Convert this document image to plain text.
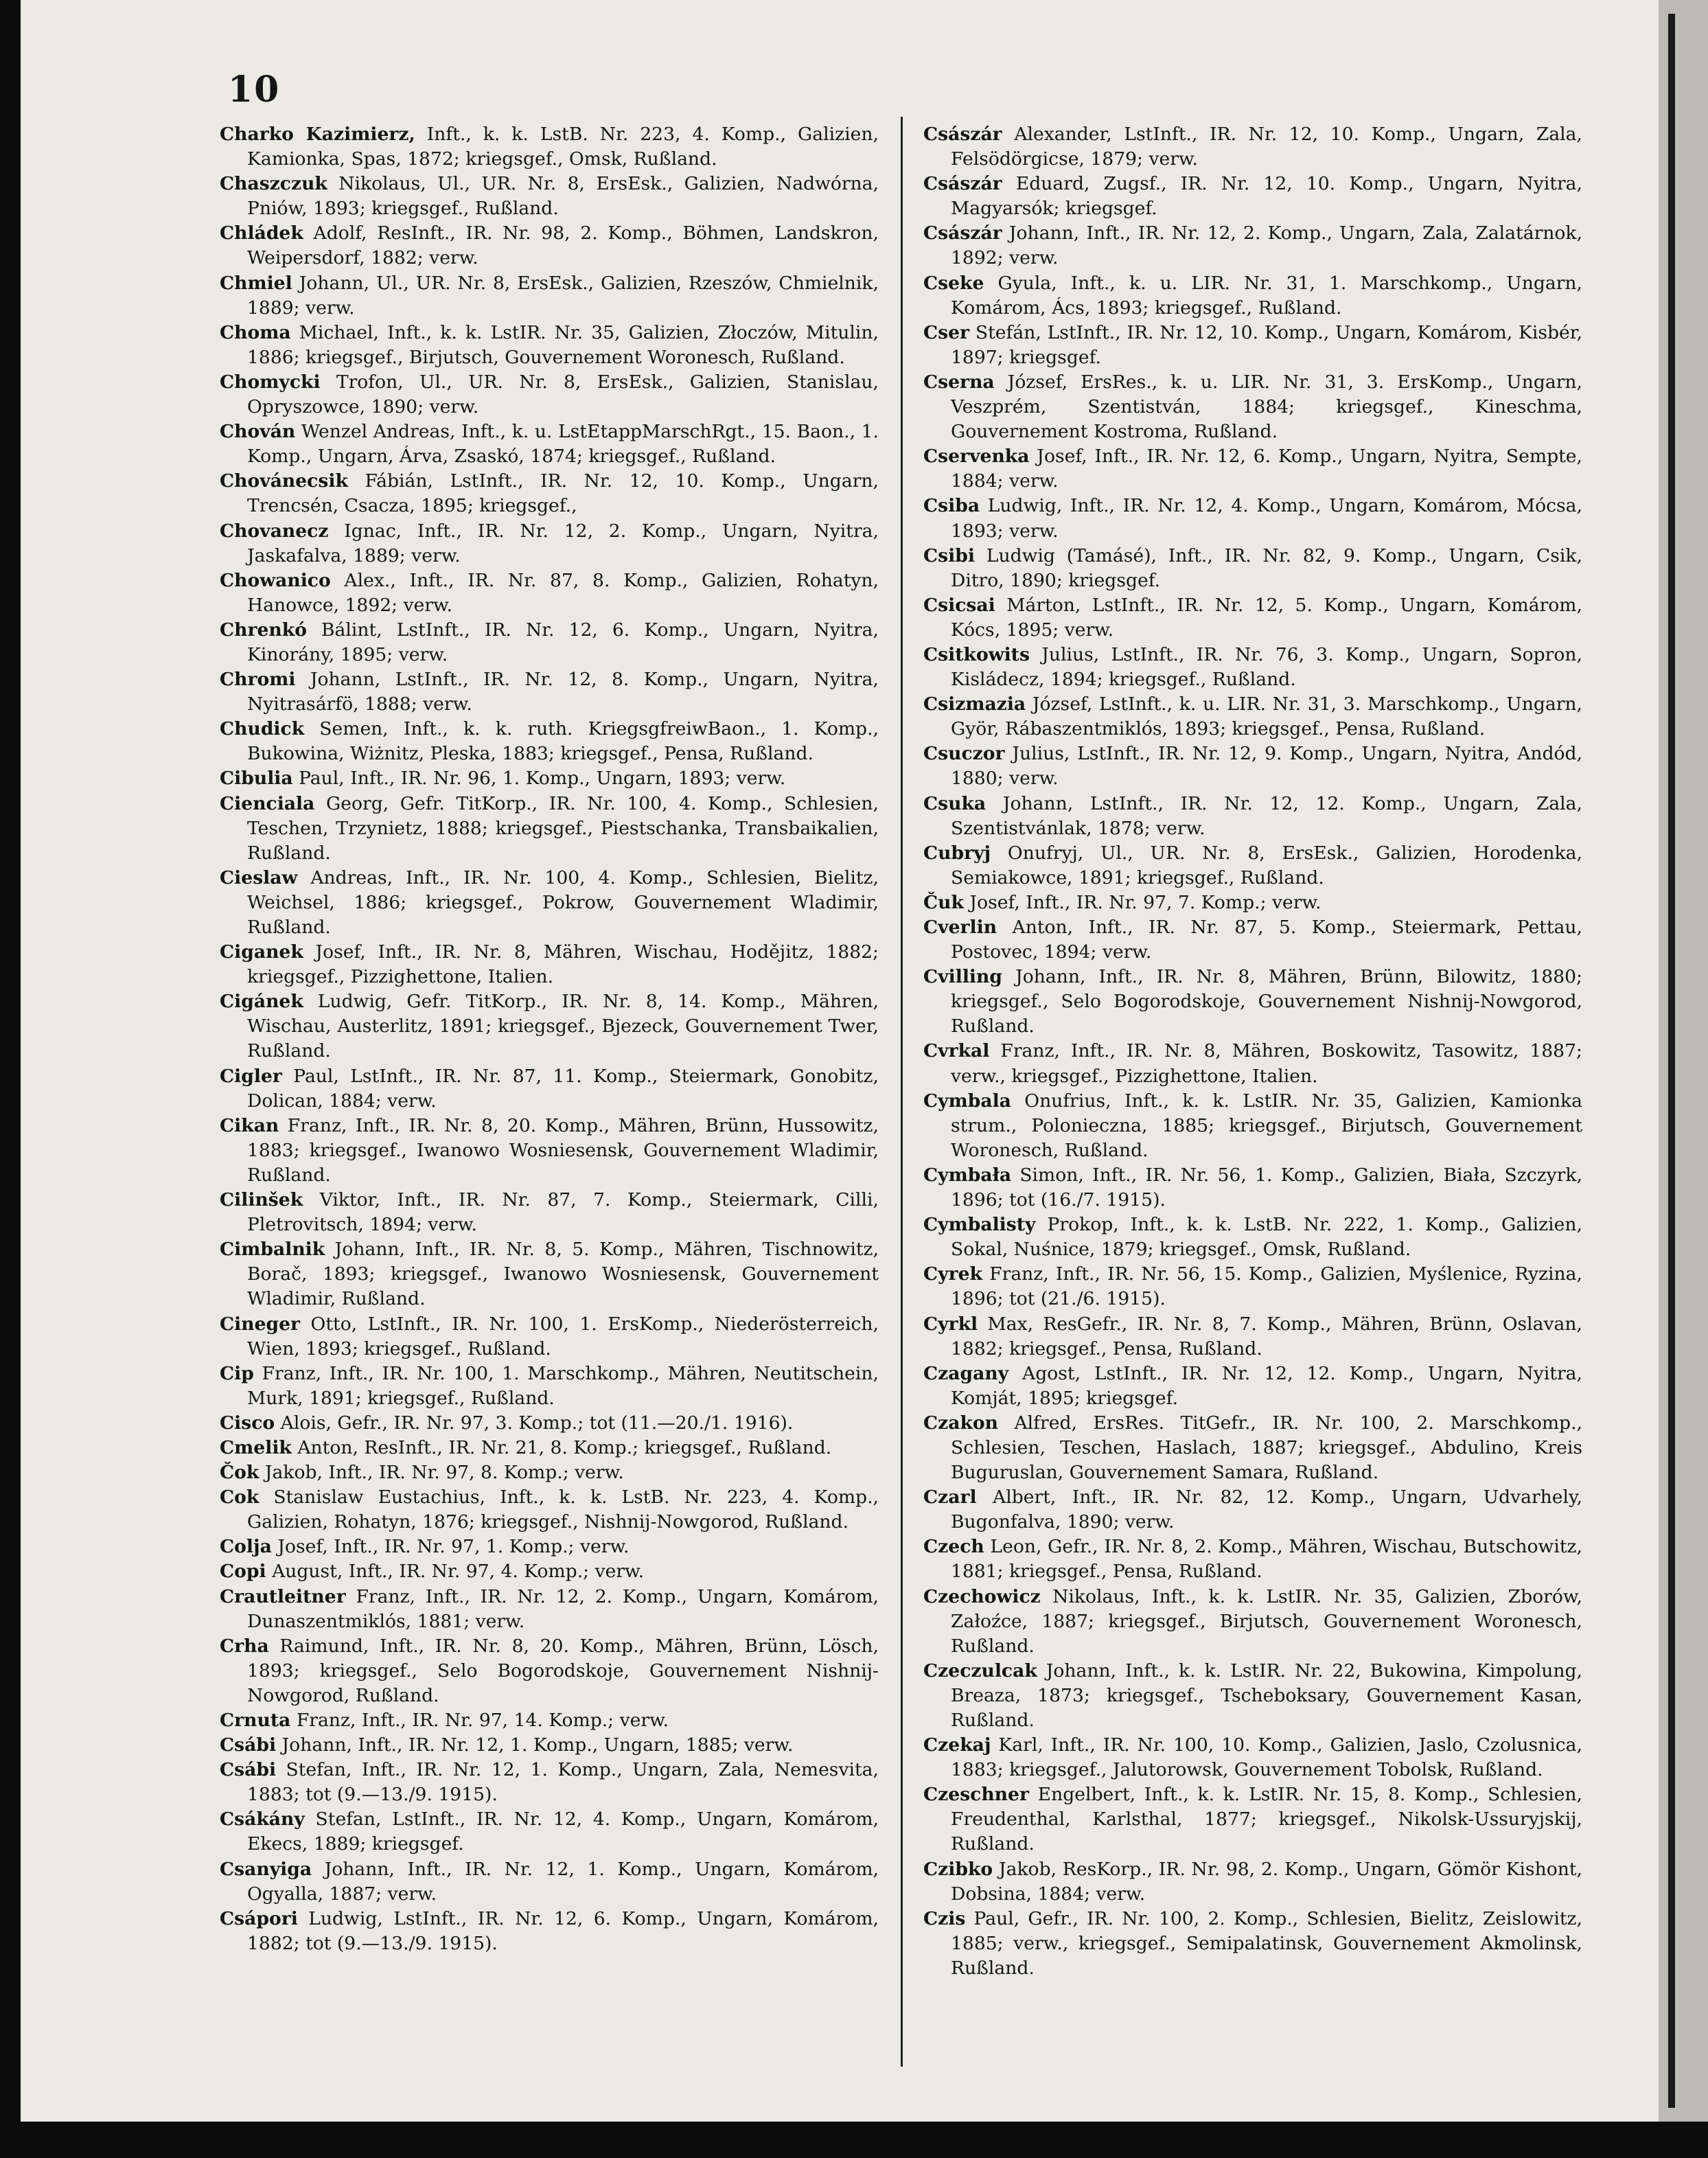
10

Charko Kazimierz, Inft., k. k. LstB. Nr. 223, 4. Komp., Galizien, Kamionka, Spas, 1872; kriegsgef., Omsk, Rußland.

Chaszczuk Nikolaus, Ul., UR. Nr. 8, ErsEsk., Galizien, Nadwórna, Pniów, 1893; kriegsgef., Rußland.

Chládek Adolf, ResInft., IR. Nr. 98, 2. Komp., Böhmen, Landskron, Weipersdorf, 1882; verw.

Chmiel Johann, Ul., UR. Nr. 8, ErsEsk., Galizien, Rzeszów, Chmielnik, 1889; verw.

Choma Michael, Inft., k. k. LstIR. Nr. 35, Galizien, Złoczów, Mitulin, 1886; kriegsgef., Birjutsch, Gouvernement Woronesch, Rußland.

Chomycki Trofon, Ul., UR. Nr. 8, ErsEsk., Galizien, Stanislau, Opryszowce, 1890; verw.

Chován Wenzel Andreas, Inft., k. u. LstEtappMarschRgt., 15. Baon., 1. Komp., Ungarn, Árva, Zsaskó, 1874; kriegsgef., Rußland.

Chovánecsik Fábián, LstInft., IR. Nr. 12, 10. Komp., Ungarn, Trencsén, Csacza, 1895; kriegsgef.,

Chovanecz Ignac, Inft., IR. Nr. 12, 2. Komp., Ungarn, Nyitra, Jaskafalva, 1889; verw.

Chowanico Alex., Inft., IR. Nr. 87, 8. Komp., Galizien, Rohatyn, Hanowce, 1892; verw.

Chrenkó Bálint, LstInft., IR. Nr. 12, 6. Komp., Ungarn, Nyitra, Kinorány, 1895; verw.

Chromi Johann, LstInft., IR. Nr. 12, 8. Komp., Ungarn, Nyitra, Nyitrasárfö, 1888; verw.

Chudick Semen, Inft., k. k. ruth. KriegsgfreiwBaon., 1. Komp., Bukowina, Wiżnitz, Pleska, 1883; kriegsgef., Pensa, Rußland.

Cibulia Paul, Inft., IR. Nr. 96, 1. Komp., Ungarn, 1893; verw.

Cienciala Georg, Gefr. TitKorp., IR. Nr. 100, 4. Komp., Schlesien, Teschen, Trzynietz, 1888; kriegsgef., Piestschanka, Transbaikalien, Rußland.

Cieslaw Andreas, Inft., IR. Nr. 100, 4. Komp., Schlesien, Bielitz, Weichsel, 1886; kriegsgef., Pokrow, Gouvernement Wladimir, Rußland.

Ciganek Josef, Inft., IR. Nr. 8, Mähren, Wischau, Hodějitz, 1882; kriegsgef., Pizzighettone, Italien.

Cigánek Ludwig, Gefr. TitKorp., IR. Nr. 8, 14. Komp., Mähren, Wischau, Austerlitz, 1891; kriegsgef., Bjezeck, Gouvernement Twer, Rußland.

Cigler Paul, LstInft., IR. Nr. 87, 11. Komp., Steiermark, Gonobitz, Dolican, 1884; verw.

Cikan Franz, Inft., IR. Nr. 8, 20. Komp., Mähren, Brünn, Hussowitz, 1883; kriegsgef., Iwanowo Wosniesensk, Gouvernement Wladimir, Rußland.

Cilinšek Viktor, Inft., IR. Nr. 87, 7. Komp., Steiermark, Cilli, Pletrovitsch, 1894; verw.

Cimbalnik Johann, Inft., IR. Nr. 8, 5. Komp., Mähren, Tischnowitz, Borač, 1893; kriegsgef., Iwanowo Wosniesensk, Gouvernement Wladimir, Rußland.

Cineger Otto, LstInft., IR. Nr. 100, 1. ErsKomp., Niederösterreich, Wien, 1893; kriegsgef., Rußland.

Cip Franz, Inft., IR. Nr. 100, 1. Marschkomp., Mähren, Neutitschein, Murk, 1891; kriegsgef., Rußland.

Cisco Alois, Gefr., IR. Nr. 97, 3. Komp.; tot (11.—20./1. 1916).

Cmelik Anton, ResInft., IR. Nr. 21, 8. Komp.; kriegsgef., Rußland.

Čok Jakob, Inft., IR. Nr. 97, 8. Komp.; verw.

Cok Stanislaw Eustachius, Inft., k. k. LstB. Nr. 223, 4. Komp., Galizien, Rohatyn, 1876; kriegsgef., Nishnij-Nowgorod, Rußland.

Colja Josef, Inft., IR. Nr. 97, 1. Komp.; verw.

Copi August, Inft., IR. Nr. 97, 4. Komp.; verw.

Crautleitner Franz, Inft., IR. Nr. 12, 2. Komp., Ungarn, Komárom, Dunaszentmiklós, 1881; verw.

Crha Raimund, Inft., IR. Nr. 8, 20. Komp., Mähren, Brünn, Lösch, 1893; kriegsgef., Selo Bogorodskoje, Gouvernement Nishnij-Nowgorod, Rußland.

Crnuta Franz, Inft., IR. Nr. 97, 14. Komp.; verw.

Csábi Johann, Inft., IR. Nr. 12, 1. Komp., Ungarn, 1885; verw.

Csábi Stefan, Inft., IR. Nr. 12, 1. Komp., Ungarn, Zala, Nemesvita, 1883; tot (9.—13./9. 1915).

Csákány Stefan, LstInft., IR. Nr. 12, 4. Komp., Ungarn, Komárom, Ekecs, 1889; kriegsgef.

Csanyiga Johann, Inft., IR. Nr. 12, 1. Komp., Ungarn, Komárom, Ogyalla, 1887; verw.

Csápori Ludwig, LstInft., IR. Nr. 12, 6. Komp., Ungarn, Komárom, 1882; tot (9.—13./9. 1915).

Császár Alexander, LstInft., IR. Nr. 12, 10. Komp., Ungarn, Zala, Felsödörgicse, 1879; verw.

Császár Eduard, Zugsf., IR. Nr. 12, 10. Komp., Ungarn, Nyitra, Magyarsók; kriegsgef.

Császár Johann, Inft., IR. Nr. 12, 2. Komp., Ungarn, Zala, Zalatárnok, 1892; verw.

Cseke Gyula, Inft., k. u. LIR. Nr. 31, 1. Marschkomp., Ungarn, Komárom, Ács, 1893; kriegsgef., Rußland.

Cser Stefán, LstInft., IR. Nr. 12, 10. Komp., Ungarn, Komárom, Kisbér, 1897; kriegsgef.

Cserna József, ErsRes., k. u. LIR. Nr. 31, 3. ErsKomp., Ungarn, Veszprém, Szentistván, 1884; kriegsgef., Kineschma, Gouvernement Kostroma, Rußland.

Cservenka Josef, Inft., IR. Nr. 12, 6. Komp., Ungarn, Nyitra, Sempte, 1884; verw.

Csiba Ludwig, Inft., IR. Nr. 12, 4. Komp., Ungarn, Komárom, Mócsa, 1893; verw.

Csibi Ludwig (Tamásé), Inft., IR. Nr. 82, 9. Komp., Ungarn, Csik, Ditro, 1890; kriegsgef.

Csicsai Márton, LstInft., IR. Nr. 12, 5. Komp., Ungarn, Komárom, Kócs, 1895; verw.

Csitkowits Julius, LstInft., IR. Nr. 76, 3. Komp., Ungarn, Sopron, Kisládecz, 1894; kriegsgef., Rußland.

Csizmazia József, LstInft., k. u. LIR. Nr. 31, 3. Marschkomp., Ungarn, Györ, Rábaszentmiklós, 1893; kriegsgef., Pensa, Rußland.

Csuczor Julius, LstInft., IR. Nr. 12, 9. Komp., Ungarn, Nyitra, Andód, 1880; verw.

Csuka Johann, LstInft., IR. Nr. 12, 12. Komp., Ungarn, Zala, Szentistvánlak, 1878; verw.

Cubryj Onufryj, Ul., UR. Nr. 8, ErsEsk., Galizien, Horodenka, Semiakowce, 1891; kriegsgef., Rußland.

Čuk Josef, Inft., IR. Nr. 97, 7. Komp.; verw.

Cverlin Anton, Inft., IR. Nr. 87, 5. Komp., Steiermark, Pettau, Postovec, 1894; verw.

Cvilling Johann, Inft., IR. Nr. 8, Mähren, Brünn, Bilowitz, 1880; kriegsgef., Selo Bogorodskoje, Gouvernement Nishnij-Nowgorod, Rußland.

Cvrkal Franz, Inft., IR. Nr. 8, Mähren, Boskowitz, Tasowitz, 1887; verw., kriegsgef., Pizzighettone, Italien.

Cymbala Onufrius, Inft., k. k. LstIR. Nr. 35, Galizien, Kamionka strum., Poloniecznа, 1885; kriegsgef., Birjutsch, Gouvernement Woronesch, Rußland.

Cymbała Simon, Inft., IR. Nr. 56, 1. Komp., Galizien, Biała, Szczyrk, 1896; tot (16./7. 1915).

Cymbalisty Prokop, Inft., k. k. LstB. Nr. 222, 1. Komp., Galizien, Sokal, Nuśnice, 1879; kriegsgef., Omsk, Rußland.

Cyrek Franz, Inft., IR. Nr. 56, 15. Komp., Galizien, Myślenice, Ryzina, 1896; tot (21./6. 1915).

Cyrkl Max, ResGefr., IR. Nr. 8, 7. Komp., Mähren, Brünn, Oslavan, 1882; kriegsgef., Pensa, Rußland.

Czagany Agost, LstInft., IR. Nr. 12, 12. Komp., Ungarn, Nyitra, Komját, 1895; kriegsgef.

Czakon Alfred, ErsRes. TitGefr., IR. Nr. 100, 2. Marschkomp., Schlesien, Teschen, Haslach, 1887; kriegsgef., Abdulino, Kreis Buguruslan, Gouvernement Samara, Rußland.

Czarl Albert, Inft., IR. Nr. 82, 12. Komp., Ungarn, Udvarhely, Bugonfalva, 1890; verw.

Czech Leon, Gefr., IR. Nr. 8, 2. Komp., Mähren, Wischau, Butschowitz, 1881; kriegsgef., Pensa, Rußland.

Czechowicz Nikolaus, Inft., k. k. LstIR. Nr. 35, Galizien, Zborów, Załoźce, 1887; kriegsgef., Birjutsch, Gouvernement Woronesch, Rußland.

Czeczulcak Johann, Inft., k. k. LstIR. Nr. 22, Bukowina, Kimpolung, Breaza, 1873; kriegsgef., Tscheboksary, Gouvernement Kasan, Rußland.

Czekaj Karl, Inft., IR. Nr. 100, 10. Komp., Galizien, Jaslo, Czolusnica, 1883; kriegsgef., Jalutorowsk, Gouvernement Tobolsk, Rußland.

Czeschner Engelbert, Inft., k. k. LstIR. Nr. 15, 8. Komp., Schlesien, Freudenthal, Karlsthal, 1877; kriegsgef., Nikolsk-Ussuryjskij, Rußland.

Czibko Jakob, ResKorp., IR. Nr. 98, 2. Komp., Ungarn, Gömör Kishont, Dobsina, 1884; verw.

Czis Paul, Gefr., IR. Nr. 100, 2. Komp., Schlesien, Bielitz, Zeislowitz, 1885; verw., kriegsgef., Semipalatinsk, Gouvernement Akmolinsk, Rußland.
